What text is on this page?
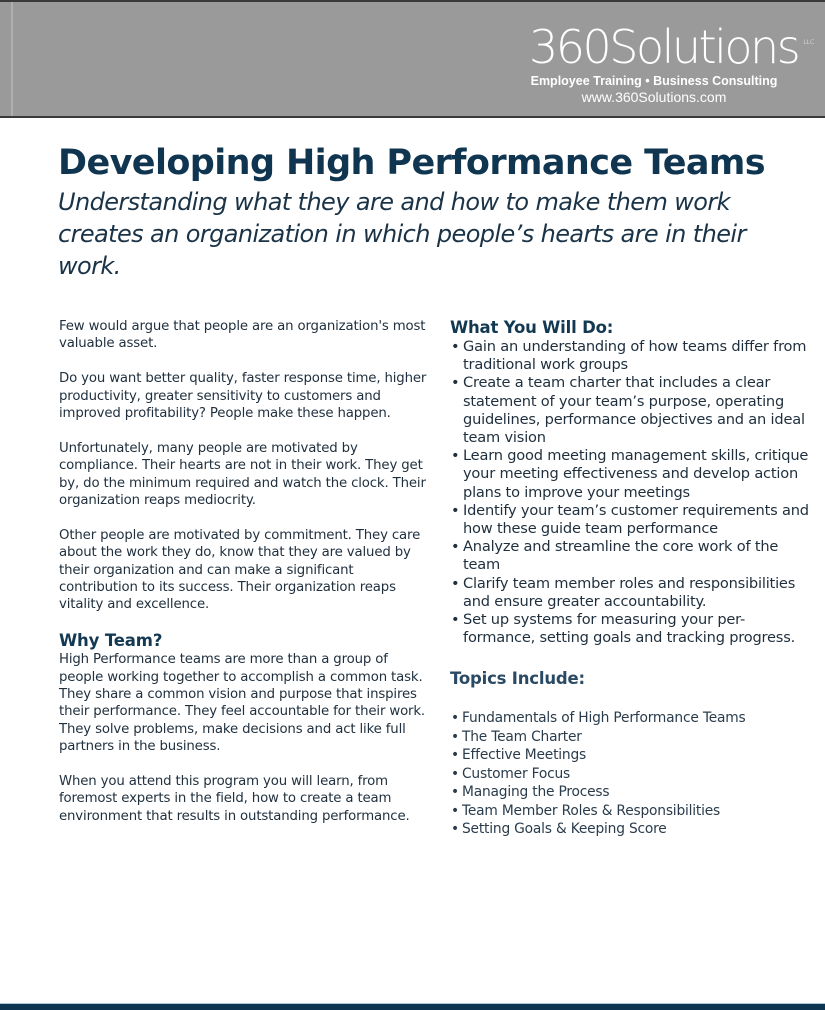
360Solutions LLC
Employee Training • Business Consulting
www.360Solutions.com
Developing High Performance Teams

Understanding what they are and how to make them work creates an organization in which people’s hearts are in their work.

Few would argue that people are an organization's most valuable asset.

Do you want better quality, faster response time, higher productivity, greater sensitivity to customers and improved profitability? People make these happen.

Unfortunately, many people are motivated by compliance. Their hearts are not in their work. They get by, do the minimum required and watch the clock. Their organization reaps mediocrity.

Other people are motivated by commitment. They care about the work they do, know that they are valued by their organization and can make a significant contribution to its success. Their organization reaps vitality and excellence.

Why Team?

High Performance teams are more than a group of people working together to accomplish a common task. They share a common vision and purpose that inspires their performance. They feel accountable for their work. They solve problems, make decisions and act like full partners in the business.

When you attend this program you will learn, from foremost experts in the field, how to create a team environment that results in outstanding performance.

What You Will Do:
• Gain an understanding of how teams differ from traditional work groups
• Create a team charter that includes a clear statement of your team’s purpose, operating guidelines, performance objectives and an ideal team vision
• Learn good meeting management skills, critique your meeting effectiveness and develop action plans to improve your meetings
• Identify your team’s customer requirements and how these guide team performance
• Analyze and streamline the core work of the team
• Clarify team member roles and responsibilities and ensure greater accountability.
• Set up systems for measuring your per-formance, setting goals and tracking progress.
Topics Include:
• Fundamentals of High Performance Teams
• The Team Charter
• Effective Meetings
• Customer Focus
• Managing the Process
• Team Member Roles & Responsibilities
• Setting Goals & Keeping Score
